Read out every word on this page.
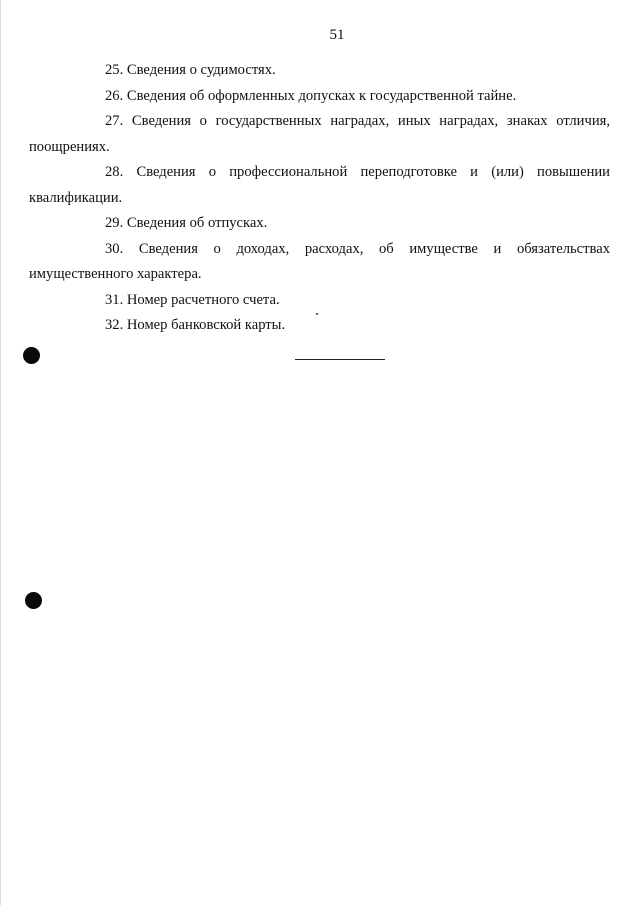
51

25. Сведения о судимостях.

26. Сведения об оформленных допусках к государственной тайне.

27. Сведения о государственных наградах, иных наградах, знаках отличия,
поощрениях.

28. Сведения о профессиональной переподготовке и (или) повышении
квалификации.

29. Сведения об отпусках.

30. Сведения о доходах, расходах, об имуществе и обязательствах
имущественного характера.

31. Номер расчетного счета.

32. Номер банковской карты.
